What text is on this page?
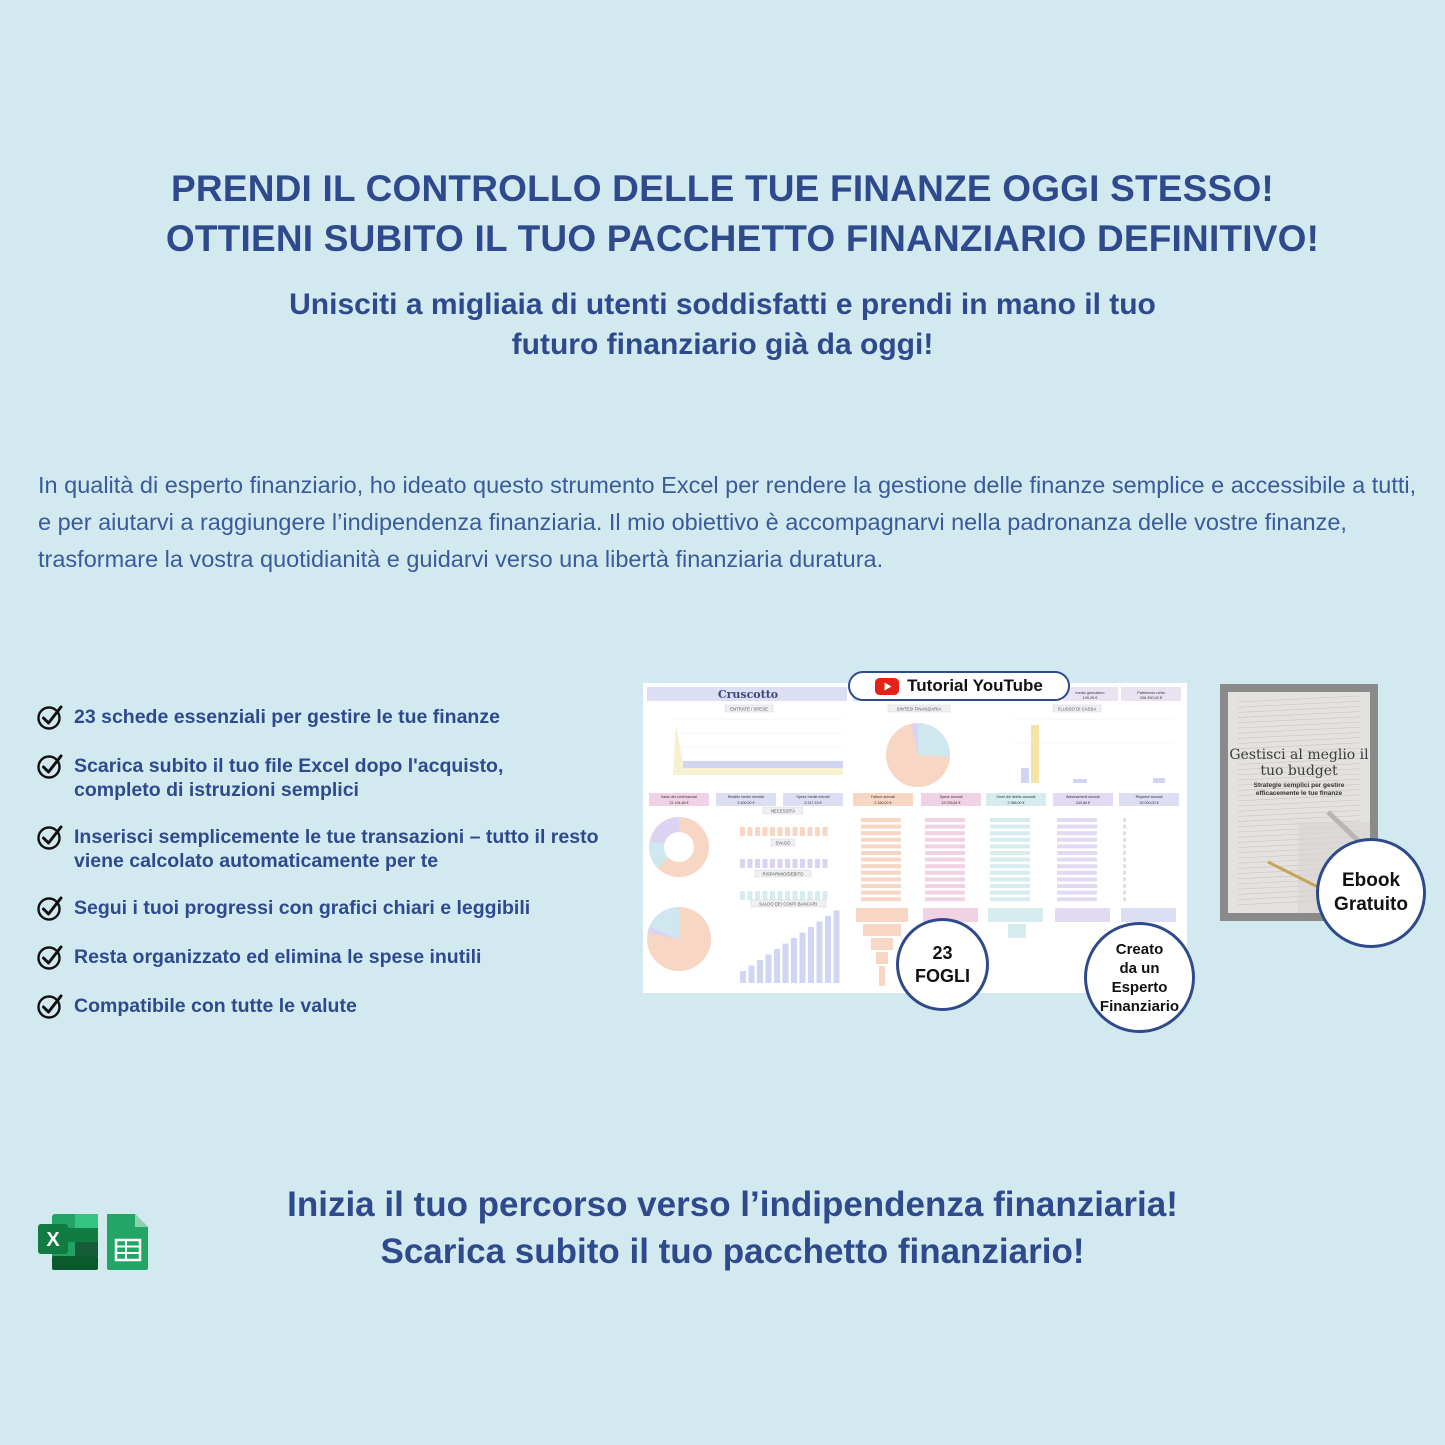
PRENDI IL CONTROLLO DELLE TUE FINANZE OGGI STESSO!
OTTIENI SUBITO IL TUO PACCHETTO FINANZIARIO DEFINITIVO!
Unisciti a migliaia di utenti soddisfatti e prendi in mano il tuo
futuro finanziario già da oggi!
In qualità di esperto finanziario, ho ideato questo strumento Excel per rendere la gestione delle finanze semplice e accessibile a tutti, e per aiutarvi a raggiungere l’indipendenza finanziaria. Il mio obiettivo è accompagnarvi nella padronanza delle vostre finanze, trasformare la vostra quotidianità e guidarvi verso una libertà finanziaria duratura.
23 schede essenziali per gestire le tue finanze
Scarica subito il tuo file Excel dopo l'acquisto, completo di istruzioni semplici
Inserisci semplicemente le tue transazioni – tutto il resto viene calcolato automaticamente per te
Segui i tuoi progressi con grafici chiari e leggibili
Resta organizzato ed elimina le spese inutili
Compatibile con tutte le valute
Cruscotto	medio giornaliero
109,26 €
Patrimonio netto
206 450,00 €
ENTRATE / SPESE	SINTESI FINANZIARIA	FLUSSO DI CASSA
Saldo dei conti bancari
31 194,48 €
Reddito medio mensile
5 400,00 €
Spese medie mensili
5 317,15 €
Fatture annuali
2 160,00 €
Spese annuali
15 039,64 €
Oneri del debito annuale
2 388,00 €
Abbonamenti annuali
249,88 €
Risparmi annuali
20 000,00 €
NECESSITÀ
SVAGO
RISPARMIO/DEBITO
SALDO DEI CONTI BANCARI
Tutorial YouTube
23
FOGLI
Creato
da un
Esperto
Finanziario
Gestisci al meglio il tuo budget
Strategie semplici per gestire efficacemente le tue finanze
Ebook
Gratuito
X
Inizia il tuo percorso verso l’indipendenza finanziaria!
Scarica subito il tuo pacchetto finanziario!
